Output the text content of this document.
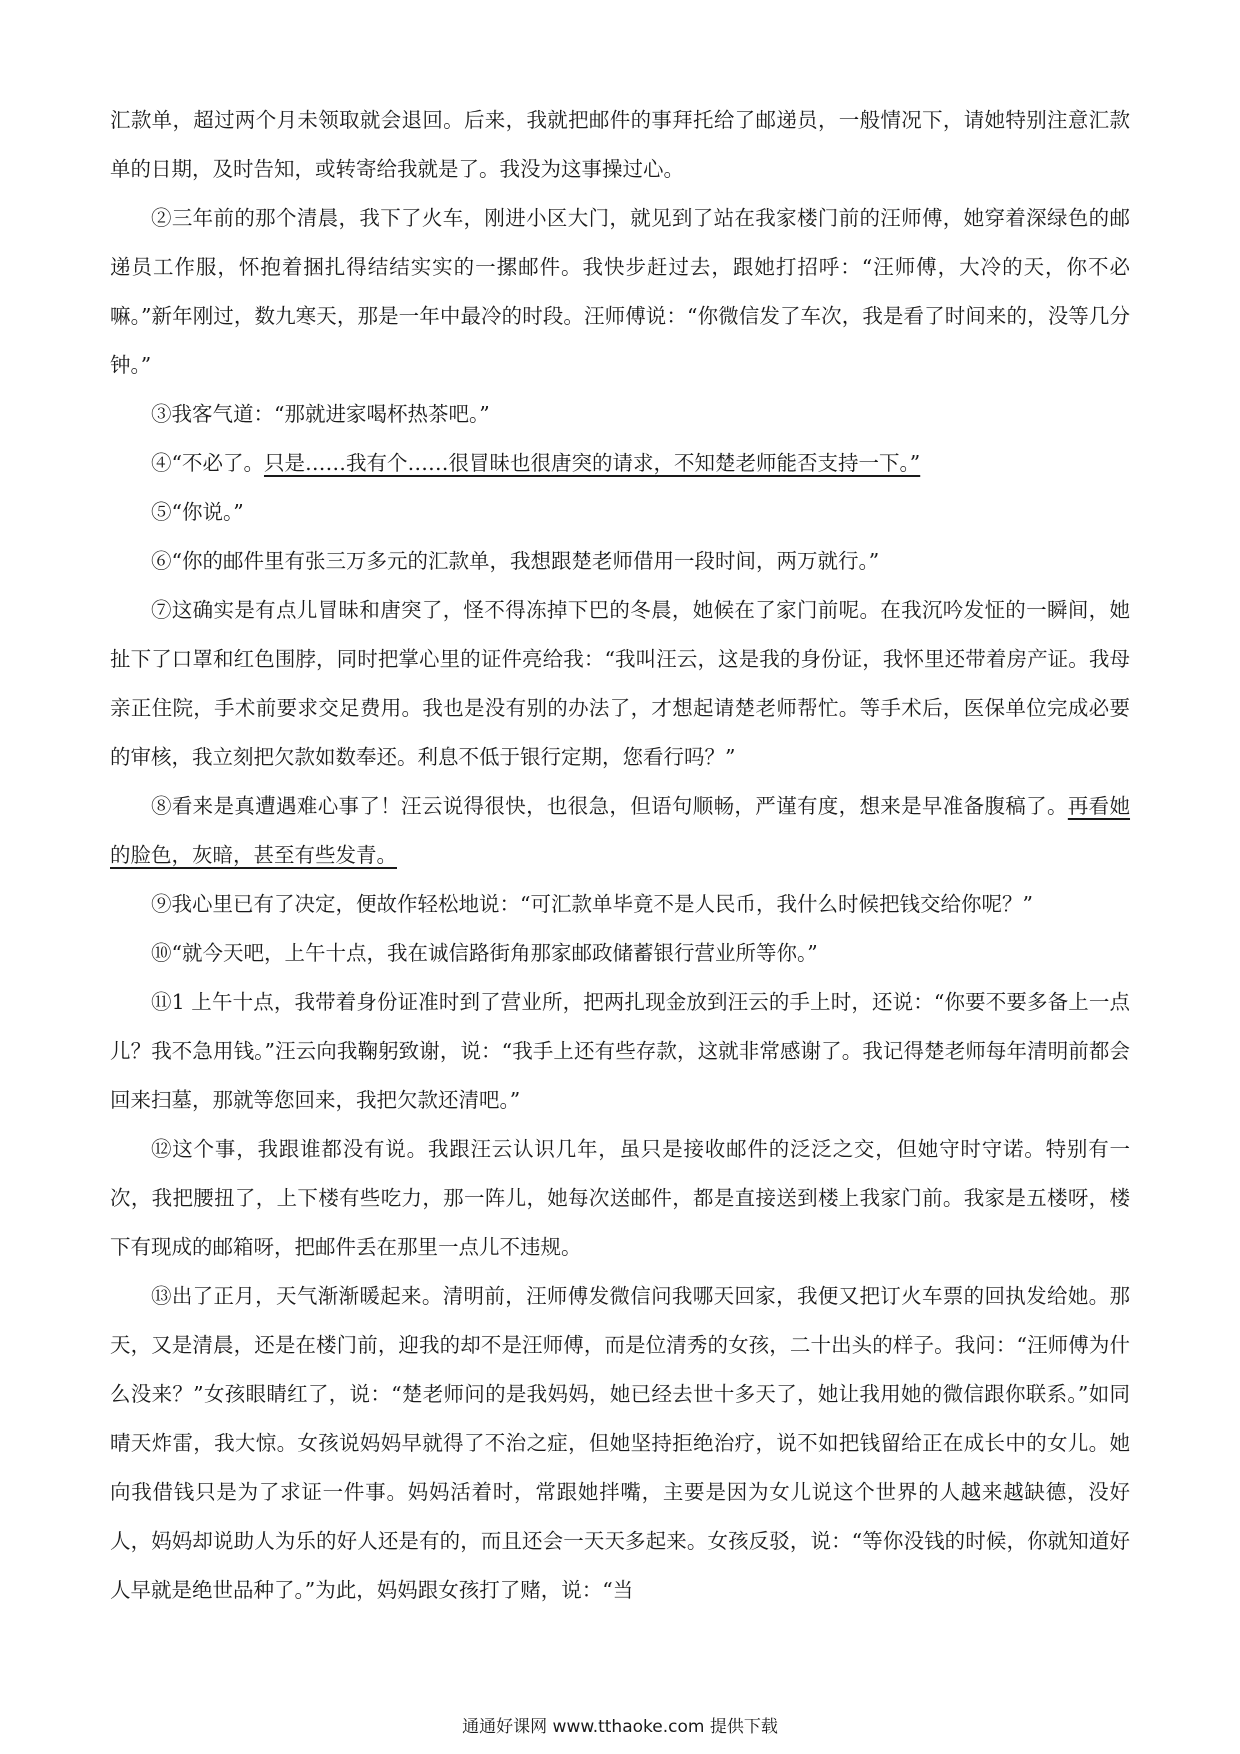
汇款单，超过两个月未领取就会退回。后来，我就把邮件的事拜托给了邮递员，一般情况下，请她特别注意汇款单的日期，及时告知，或转寄给我就是了。我没为这事操过心。

②三年前的那个清晨，我下了火车，刚进小区大门，就见到了站在我家楼门前的汪师傅，她穿着深绿色的邮递员工作服，怀抱着捆扎得结结实实的一摞邮件。我快步赶过去，跟她打招呼：“汪师傅，大冷的天，你不必嘛。”新年刚过，数九寒天，那是一年中最冷的时段。汪师傅说：“你微信发了车次，我是看了时间来的，没等几分钟。”

③我客气道：“那就进家喝杯热茶吧。”

④“不必了。只是……我有个……很冒昧也很唐突的请求，不知楚老师能否支持一下。”

⑤“你说。”

⑥“你的邮件里有张三万多元的汇款单，我想跟楚老师借用一段时间，两万就行。”

⑦这确实是有点儿冒昧和唐突了，怪不得冻掉下巴的冬晨，她候在了家门前呢。在我沉吟发怔的一瞬间，她扯下了口罩和红色围脖，同时把掌心里的证件亮给我：“我叫汪云，这是我的身份证，我怀里还带着房产证。我母亲正住院，手术前要求交足费用。我也是没有别的办法了，才想起请楚老师帮忙。等手术后，医保单位完成必要的审核，我立刻把欠款如数奉还。利息不低于银行定期，您看行吗？”

⑧看来是真遭遇难心事了！汪云说得很快，也很急，但语句顺畅，严谨有度，想来是早准备腹稿了。再看她的脸色，灰暗，甚至有些发青。

⑨我心里已有了决定，便故作轻松地说：“可汇款单毕竟不是人民币，我什么时候把钱交给你呢？”

⑩“就今天吧，上午十点，我在诚信路街角那家邮政储蓄银行营业所等你。”

⑪1 上午十点，我带着身份证准时到了营业所，把两扎现金放到汪云的手上时，还说：“你要不要多备上一点儿？我不急用钱。”汪云向我鞠躬致谢，说：“我手上还有些存款，这就非常感谢了。我记得楚老师每年清明前都会回来扫墓，那就等您回来，我把欠款还清吧。”

⑫这个事，我跟谁都没有说。我跟汪云认识几年，虽只是接收邮件的泛泛之交，但她守时守诺。特别有一次，我把腰扭了，上下楼有些吃力，那一阵儿，她每次送邮件，都是直接送到楼上我家门前。我家是五楼呀，楼下有现成的邮箱呀，把邮件丢在那里一点儿不违规。

⑬出了正月，天气渐渐暖起来。清明前，汪师傅发微信问我哪天回家，我便又把订火车票的回执发给她。那天，又是清晨，还是在楼门前，迎我的却不是汪师傅，而是位清秀的女孩，二十出头的样子。我问：“汪师傅为什么没来？”女孩眼睛红了，说：“楚老师问的是我妈妈，她已经去世十多天了，她让我用她的微信跟你联系。”如同晴天炸雷，我大惊。女孩说妈妈早就得了不治之症，但她坚持拒绝治疗，说不如把钱留给正在成长中的女儿。她向我借钱只是为了求证一件事。妈妈活着时，常跟她拌嘴，主要是因为女儿说这个世界的人越来越缺德，没好人，妈妈却说助人为乐的好人还是有的，而且还会一天天多起来。女孩反驳，说：“等你没钱的时候，你就知道好人早就是绝世品种了。”为此，妈妈跟女孩打了赌，说：“当

通通好课网 www.tthaoke.com 提供下载
